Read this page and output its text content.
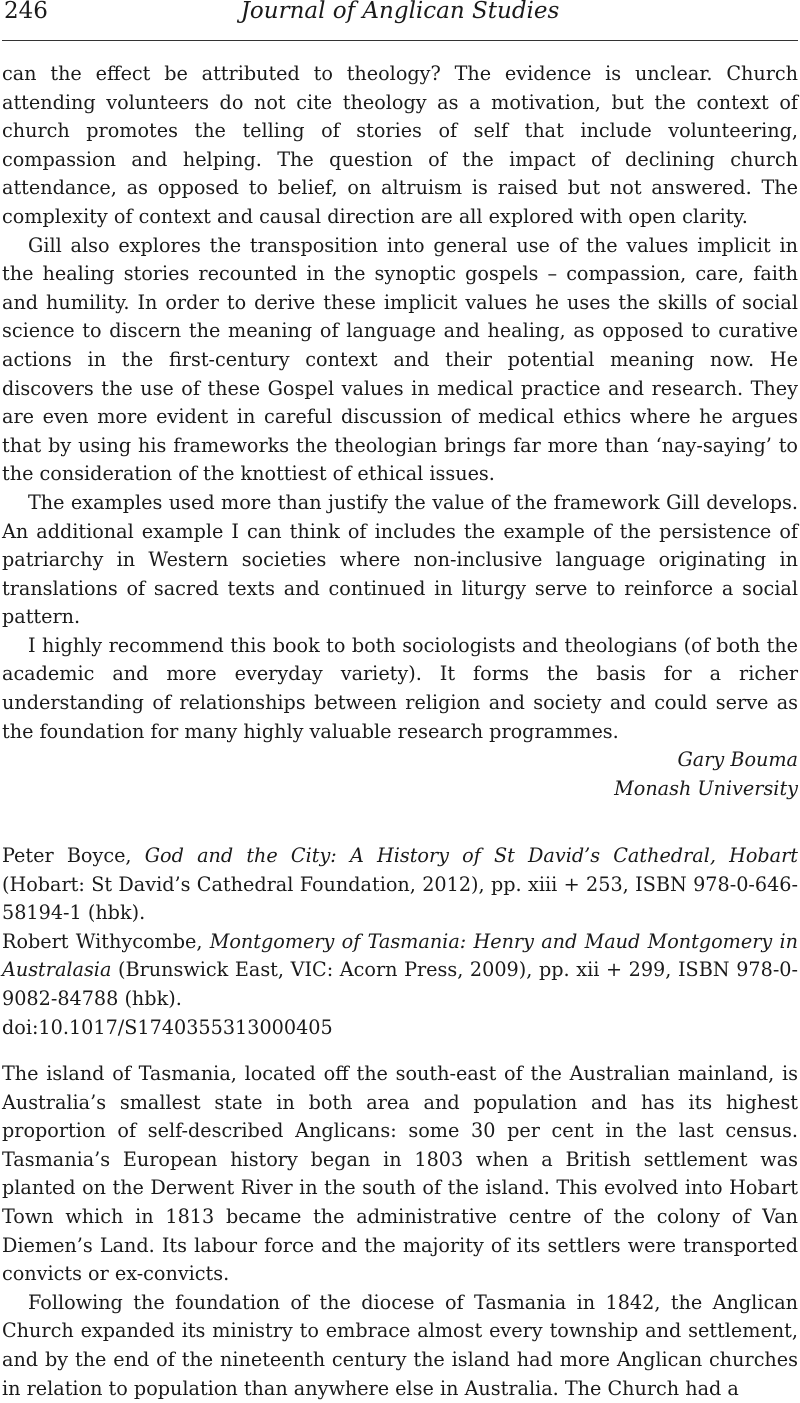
246	Journal of Anglican Studies

can the effect be attributed to theology? The evidence is unclear. Church attending volunteers do not cite theology as a motivation, but the context of church promotes the telling of stories of self that include volunteering, compassion and helping. The question of the impact of declining church attendance, as opposed to belief, on altruism is raised but not answered. The complexity of context and causal direction are all explored with open clarity.

Gill also explores the transposition into general use of the values implicit in the healing stories recounted in the synoptic gospels – compassion, care, faith and humility. In order to derive these implicit values he uses the skills of social science to discern the meaning of language and healing, as opposed to curative actions in the first-century context and their potential meaning now. He discovers the use of these Gospel values in medical practice and research. They are even more evident in careful discussion of medical ethics where he argues that by using his frameworks the theologian brings far more than ‘nay-saying’ to the consideration of the knottiest of ethical issues.

The examples used more than justify the value of the framework Gill develops. An additional example I can think of includes the example of the persistence of patriarchy in Western societies where non-inclusive language originating in translations of sacred texts and continued in liturgy serve to reinforce a social pattern.

I highly recommend this book to both sociologists and theologians (of both the academic and more everyday variety). It forms the basis for a richer understanding of relationships between religion and society and could serve as the foundation for many highly valuable research programmes.

Gary Bouma
Monash University

Peter Boyce, God and the City: A History of St David’s Cathedral, Hobart (Hobart: St David’s Cathedral Foundation, 2012), pp. xiii + 253, ISBN 978-0-646-58194-1 (hbk).

Robert Withycombe, Montgomery of Tasmania: Henry and Maud Montgomery in Australasia (Brunswick East, VIC: Acorn Press, 2009), pp. xii + 299, ISBN 978-0-9082-84788 (hbk).

doi:10.1017/S1740355313000405

The island of Tasmania, located off the south-east of the Australian mainland, is Australia’s smallest state in both area and population and has its highest proportion of self-described Anglicans: some 30 per cent in the last census. Tasmania’s European history began in 1803 when a British settlement was planted on the Derwent River in the south of the island. This evolved into Hobart Town which in 1813 became the administrative centre of the colony of Van Diemen’s Land. Its labour force and the majority of its settlers were transported convicts or ex-convicts.

Following the foundation of the diocese of Tasmania in 1842, the Anglican Church expanded its ministry to embrace almost every township and settlement, and by the end of the nineteenth century the island had more Anglican churches in relation to population than anywhere else in Australia. The Church had a
